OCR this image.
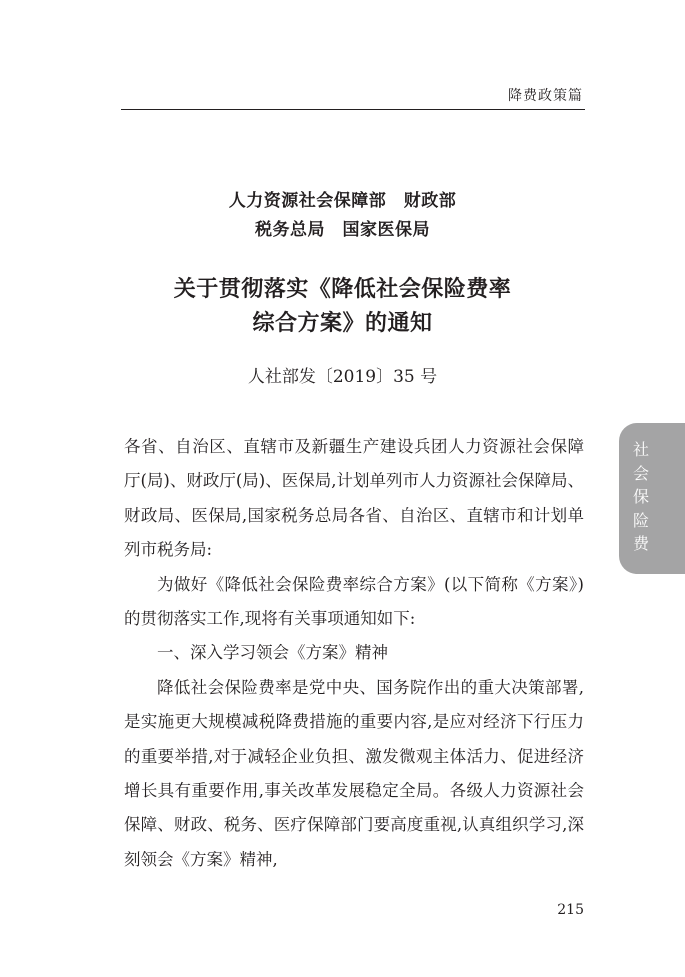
降费政策篇
人力资源社会保障部　财政部
税务总局　国家医保局
关于贯彻落实《降低社会保险费率
综合方案》的通知
人社部发〔2019〕35 号

各省、自治区、直辖市及新疆生产建设兵团人力资源社会保障厅(局)、财政厅(局)、医保局,计划单列市人力资源社会保障局、财政局、医保局,国家税务总局各省、自治区、直辖市和计划单列市税务局:

为做好《降低社会保险费率综合方案》(以下简称《方案》)的贯彻落实工作,现将有关事项通知如下:

一、深入学习领会《方案》精神

降低社会保险费率是党中央、国务院作出的重大决策部署,是实施更大规模减税降费措施的重要内容,是应对经济下行压力的重要举措,对于减轻企业负担、激发微观主体活力、促进经济增长具有重要作用,事关改革发展稳定全局。各级人力资源社会保障、财政、税务、医疗保障部门要高度重视,认真组织学习,深刻领会《方案》精神,

社会保险费
215
